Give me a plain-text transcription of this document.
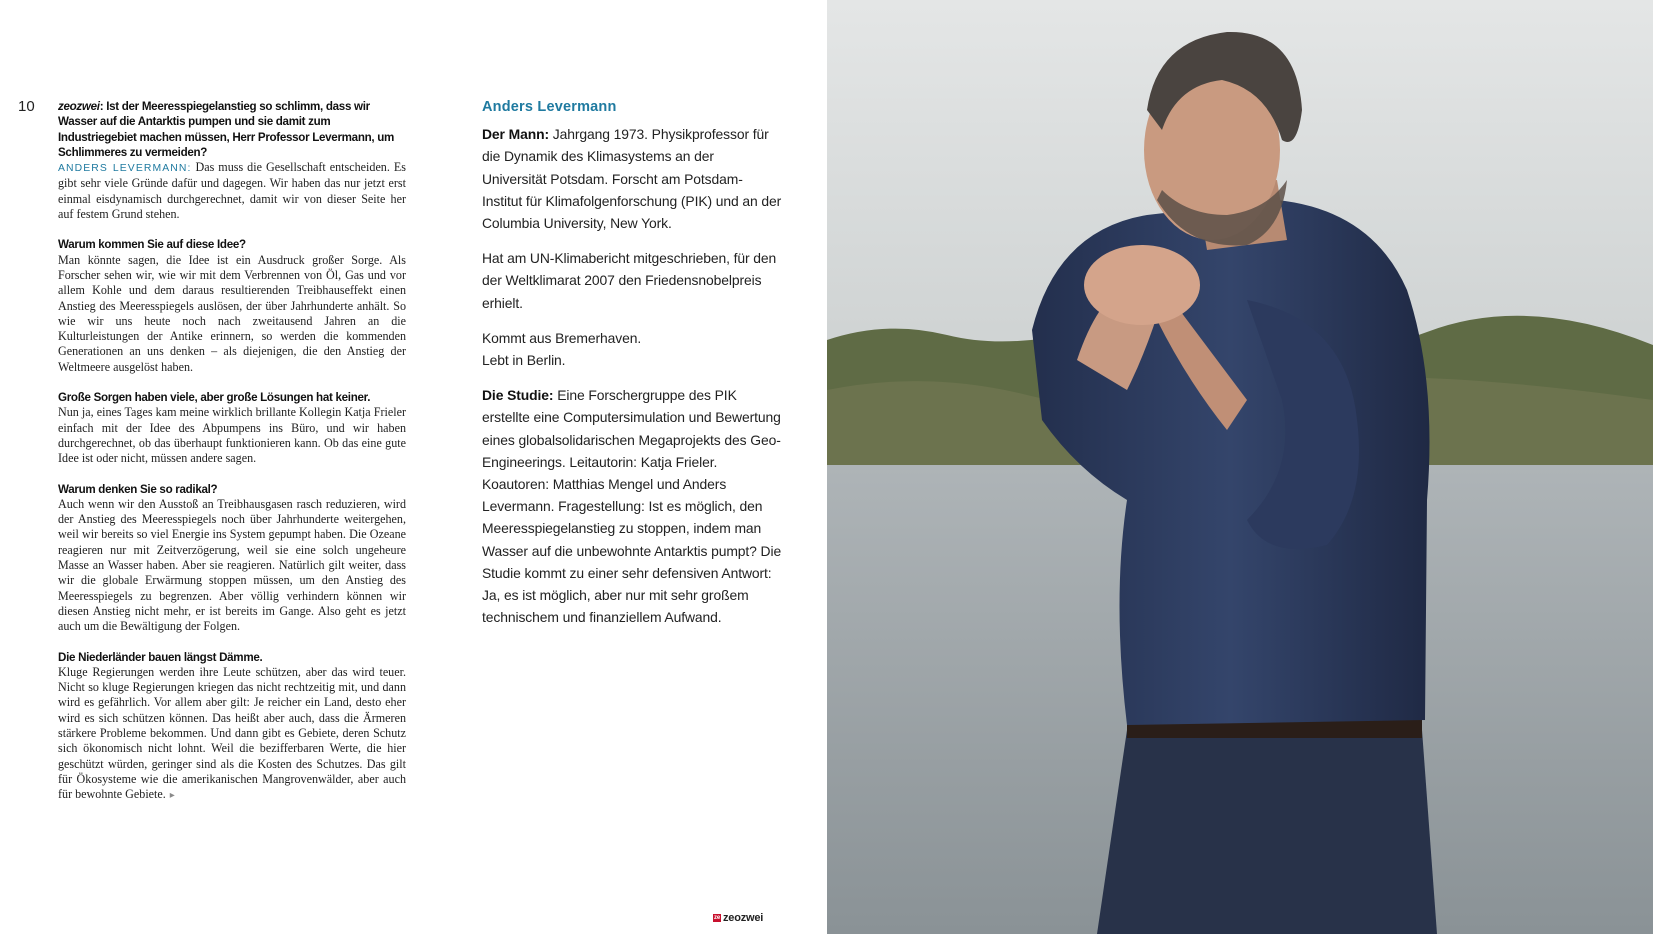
10 zeozwei: Ist der Meeresspiegelanstieg so schlimm, dass wir Wasser auf die Antarktis pumpen und sie damit zum Industriegebiet machen müssen, Herr Professor Levermann, um Schlimmeres zu vermeiden?
ANDERS LEVERMANN: Das muss die Gesellschaft entscheiden. Es gibt sehr viele Gründe dafür und dagegen. Wir haben das nur jetzt erst einmal eisdynamisch durchgerechnet, damit wir von dieser Seite her auf festem Grund stehen.
Warum kommen Sie auf diese Idee?
Man könnte sagen, die Idee ist ein Ausdruck großer Sorge. Als Forscher sehen wir, wie wir mit dem Verbrennen von Öl, Gas und vor allem Kohle und dem daraus resultierenden Treibhauseffekt einen Anstieg des Meeresspiegels auslösen, der über Jahrhunderte anhält. So wie wir uns heute noch nach zweitausend Jahren an die Kulturleistungen der Antike erinnern, so werden die kommenden Generationen an uns denken – als diejenigen, die den Anstieg der Weltmeere ausgelöst haben.
Große Sorgen haben viele, aber große Lösungen hat keiner.
Nun ja, eines Tages kam meine wirklich brillante Kollegin Katja Frieler einfach mit der Idee des Abpumpens ins Büro, und wir haben durchgerechnet, ob das überhaupt funktionieren kann. Ob das eine gute Idee ist oder nicht, müssen andere sagen.
Warum denken Sie so radikal?
Auch wenn wir den Ausstoß an Treibhausgasen rasch reduzieren, wird der Anstieg des Meeresspiegels noch über Jahrhunderte weitergehen, weil wir bereits so viel Energie ins System gepumpt haben. Die Ozeane reagieren nur mit Zeitverzögerung, weil sie eine solch ungeheure Masse an Wasser haben. Aber sie reagieren. Natürlich gilt weiter, dass wir die globale Erwärmung stoppen müssen, um den Anstieg des Meeresspiegels zu begrenzen. Aber völlig verhindern können wir diesen Anstieg nicht mehr, er ist bereits im Gange. Also geht es jetzt auch um die Bewältigung der Folgen.
Die Niederländer bauen längst Dämme.
Kluge Regierungen werden ihre Leute schützen, aber das wird teuer. Nicht so kluge Regierungen kriegen das nicht rechtzeitig mit, und dann wird es gefährlich. Vor allem aber gilt: Je reicher ein Land, desto eher wird es sich schützen können. Das heißt aber auch, dass die Ärmeren stärkere Probleme bekommen. Und dann gibt es Gebiete, deren Schutz sich ökonomisch nicht lohnt. Weil die bezifferbaren Werte, die hier geschützt würden, geringer sind als die Kosten des Schutzes. Das gilt für Ökosysteme wie die amerikanischen Mangrovenwälder, aber auch für bewohnte Gebiete. ▸
Anders Levermann

Der Mann: Jahrgang 1973. Physikprofessor für die Dynamik des Klimasystems an der Universität Potsdam. Forscht am Potsdam-Institut für Klimafolgenforschung (PIK) und an der Columbia University, New York.

Hat am UN-Klimabericht mitgeschrieben, für den der Weltklimarat 2007 den Friedensnobelpreis erhielt.

Kommt aus Bremerhaven.
Lebt in Berlin.

Die Studie: Eine Forschergruppe des PIK erstellte eine Computersimulation und Bewertung eines globalsolidarischen Megaprojekts des Geo-Engineerings. Leitautorin: Katja Frieler. Koautoren: Matthias Mengel und Anders Levermann. Fragestellung: Ist es möglich, den Meeresspiegelanstieg zu stoppen, indem man Wasser auf die unbewohnte Antarktis pumpt? Die Studie kommt zu einer sehr defensiven Antwort: Ja, es ist möglich, aber nur mit sehr großem technischem und finanziellem Aufwand.

ze zeozwei
